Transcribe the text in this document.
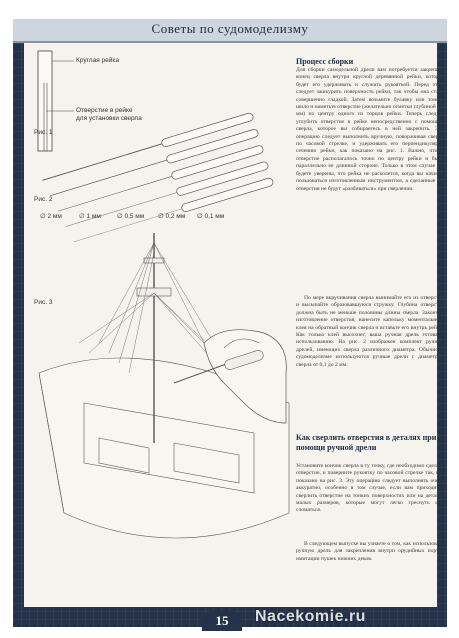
Советы по судомоделизму
Рис. 1
Рис. 2
Рис. 3
Круглая рейка
Отверстие в рейке
для установки сверла
∅ 2 мм	∅ 1 мм ∅ 0,5 мм ∅ 0,2 мм ∅ 0,1 мм
Процесс сборки
Для сборки самодельной дрели вам потребуется закрепить конец сверла внутри круглой деревянной рейки, которая будет его удерживать и служить рукояткой. Перед этим следует зашкурить поверхность рейки, так чтобы она стала совершенно гладкой. Затем возьмите булавку или тонкое шило и наметьте отверстие (желательно отметки глубиной в 1 мм) по центру одного из торцов рейки. Теперь следует углубить отверстие в рейке непосредственно с помощью сверла, которое вы собираетесь в ней закрепить. Эту операцию следует выполнить вручную, поворачивая сверло по часовой стрелке, и удерживать его перпендикулярно сечению рейки, как показано на рис. 1. Важно, чтобы отверстие располагалось точно по центру рейки и было параллельно ее длинной стороне. Только в этом случае вы будете уверены, что рейка не расколется, когда вы начнете пользоваться изготовленным инструментом, а сделанные им отверстия не будут «разбиваться» при сверлении.
По мере вкручивания сверла вынимайте его из отверстия и высыпайте образовавшуюся стружку. Глубина отверстия должна быть не меньше половины длины сверла. Закончив изготовление отверстия, нанесите капельку моментального клея на обратный кончик сверла и вставьте его внутрь рейки. Как только клей высохнет, ваша ручная дрель готова к использованию. На рис. 2 изображен комплект ручных дрелей, имеющих сверла различного диаметра. Обычно в судомоделизме используются ручные дрели с диаметром сверла от 0,1 до 2 мм.
Как сверлить отверстия в деталях при помощи ручной дрели
Установите кончик сверла в ту точку, где необходимо сделать отверстие, и поверните рукоятку по часовой стрелке так, как показано на рис. 3. Эту операцию следует выполнять очень аккуратно, особенно в том случае, если вам приходится сверлить отверстие на тонких поверхностях или на деталях малых размеров, которые могут легко треснуть или сломаться.
В следующем выпуске вы узнаете о том, как использовать ручную дрель для закрепления внутри орудийных портов имитации пушек нижних деков.
15	Nacekomie.ru
